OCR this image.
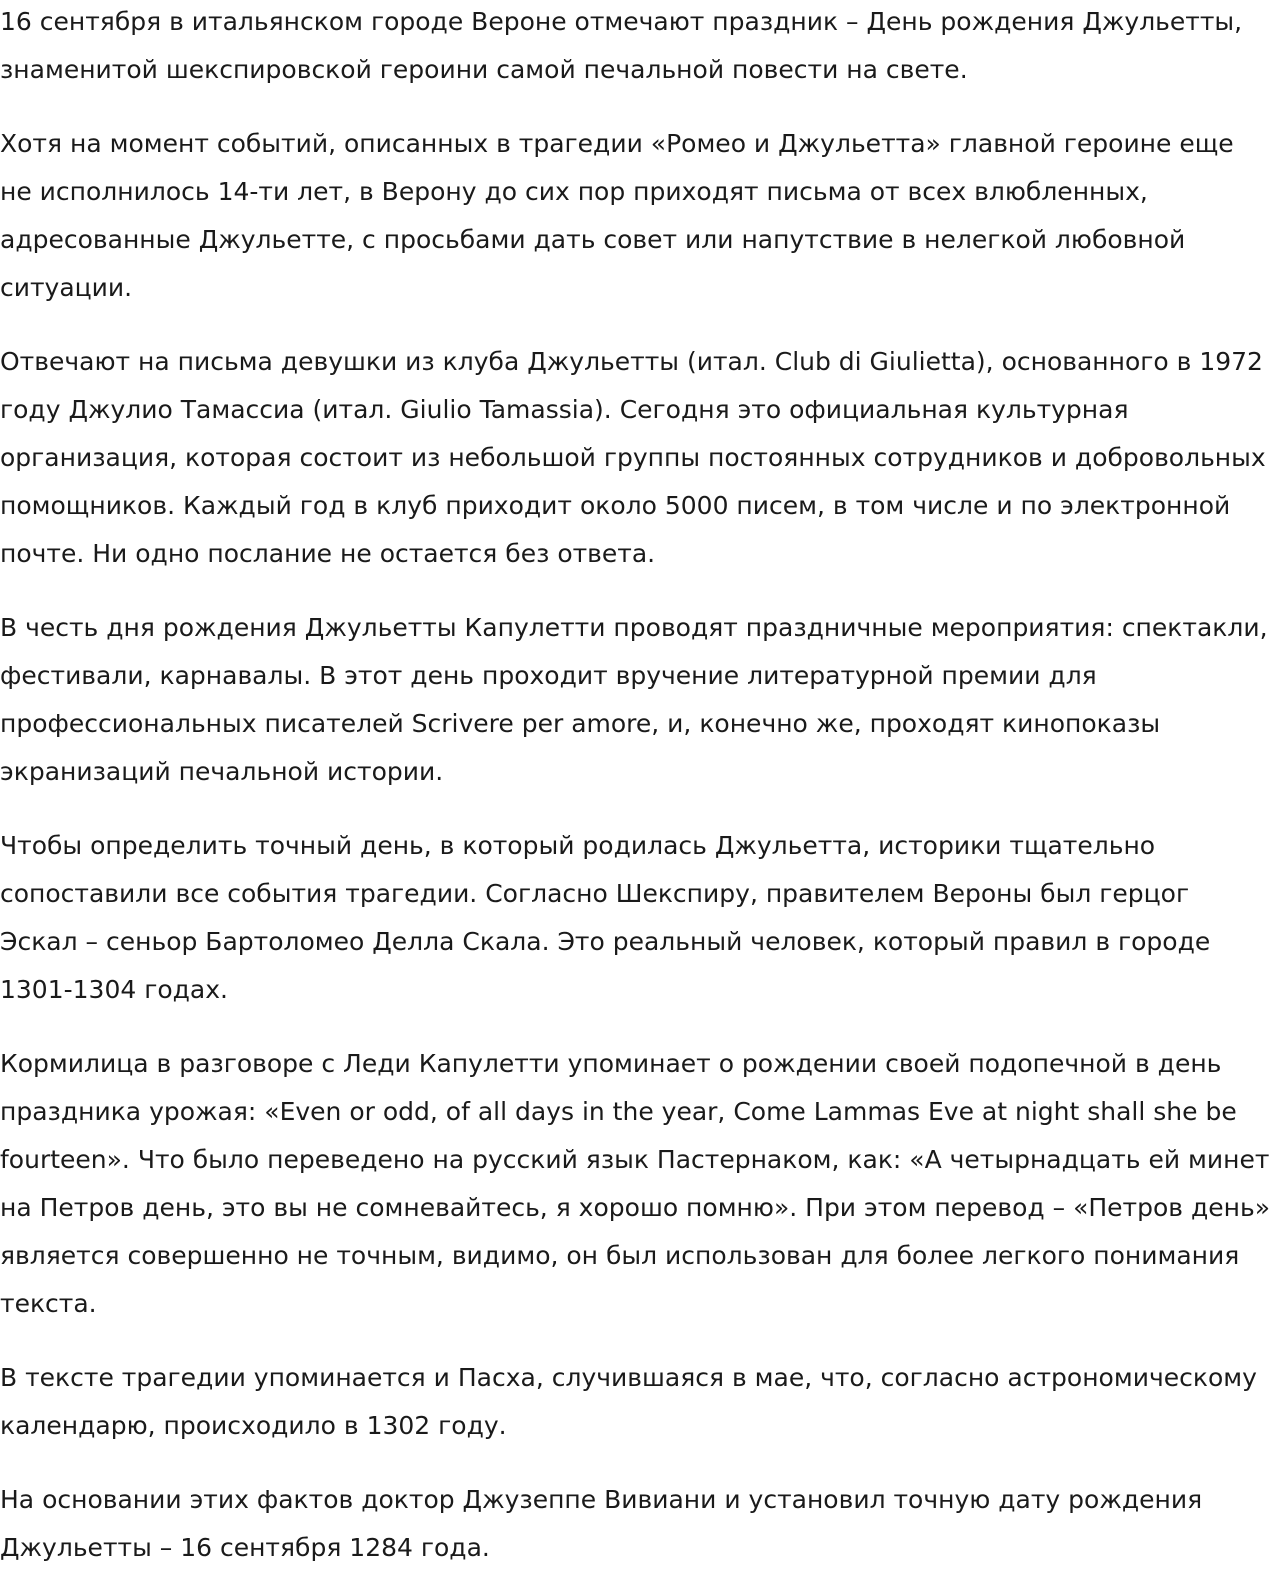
16 сентября в итальянском городе Вероне отмечают праздник – День рождения Джульетты, знаменитой шекспировской героини самой печальной повести на свете.

Хотя на момент событий, описанных в трагедии «Ромео и Джульетта» главной героине еще не исполнилось 14-ти лет, в Верону до сих пор приходят письма от всех влюбленных, адресованные Джульетте, с просьбами дать совет или напутствие в нелегкой любовной ситуации.

Отвечают на письма девушки из клуба Джульетты (итал. Club di Giulietta), основанного в 1972 году Джулио Тамассиа (итал. Giulio Tamassia). Сегодня это официальная культурная организация, которая состоит из небольшой группы постоянных сотрудников и добровольных помощников. Каждый год в клуб приходит около 5000 писем, в том числе и по электронной почте. Ни одно послание не остается без ответа.

В честь дня рождения Джульетты Капулетти проводят праздничные мероприятия: спектакли, фестивали, карнавалы. В этот день проходит вручение литературной премии для профессиональных писателей Scrivere per amore, и, конечно же, проходят кинопоказы экранизаций печальной истории.

Чтобы определить точный день, в который родилась Джульетта, историки тщательно сопоставили все события трагедии. Согласно Шекспиру, правителем Вероны был герцог Эскал – сеньор Бартоломео Делла Скала. Это реальный человек, который правил в городе 1301-1304 годах.

Кормилица в разговоре с Леди Капулетти упоминает о рождении своей подопечной в день праздника урожая: «Even or odd, of all days in the year, Come Lammas Eve at night shall she be fourteen». Что было переведено на русский язык Пастернаком, как: «А четырнадцать ей минет на Петров день, это вы не сомневайтесь, я хорошо помню». При этом перевод – «Петров день» является совершенно не точным, видимо, он был использован для более легкого понимания текста.

В тексте трагедии упоминается и Пасха, случившаяся в мае, что, согласно астрономическому календарю, происходило в 1302 году.

На основании этих фактов доктор Джузеппе Вивиани и установил точную дату рождения Джульетты – 16 сентября 1284 года.
